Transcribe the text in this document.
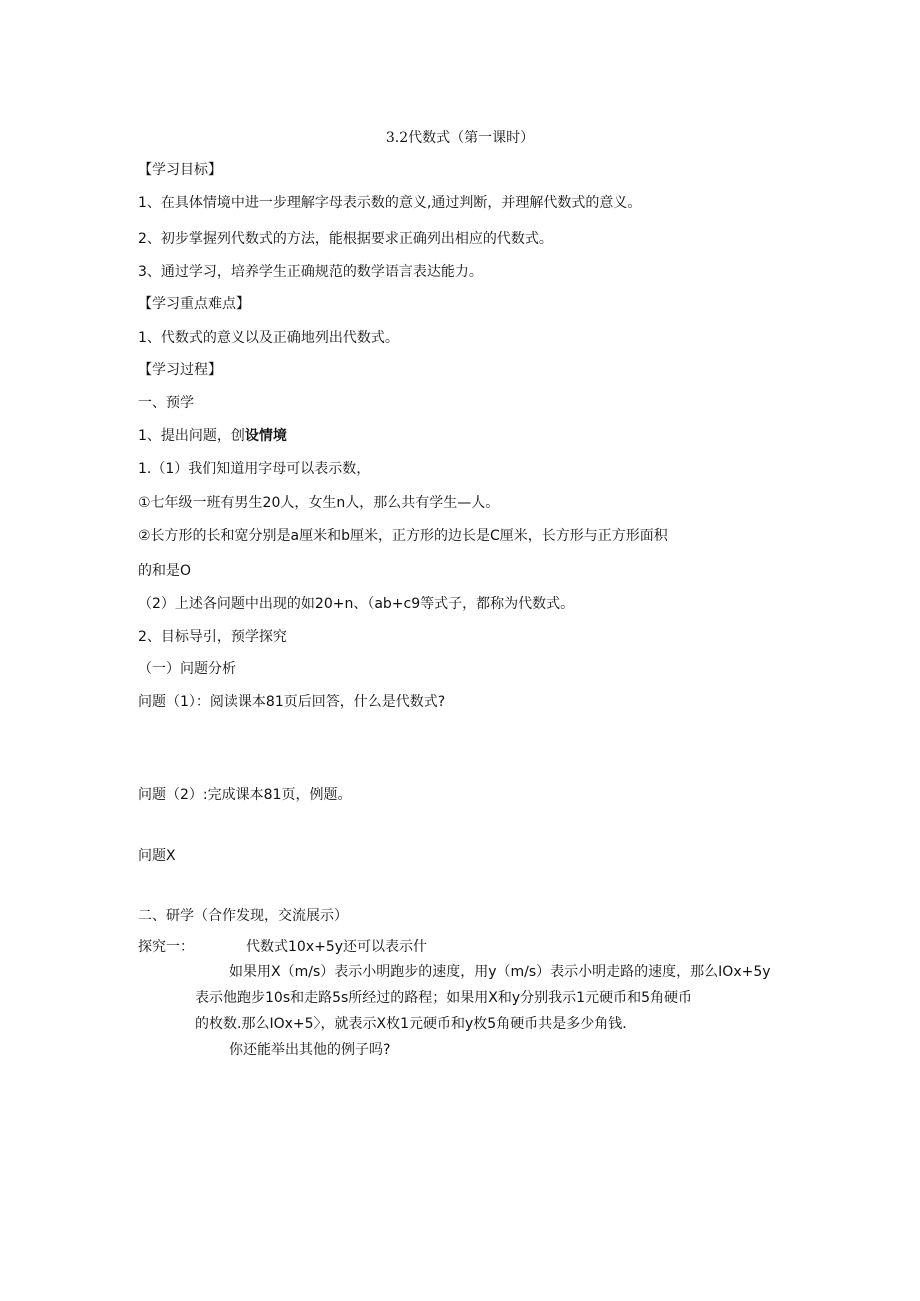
3.2代数式（第一课时）
【学习目标】
1、在具体情境中进一步理解字母表示数的意义,通过判断，并理解代数式的意义。
2、初步掌握列代数式的方法，能根据要求正确列出相应的代数式。
3、通过学习，培养学生正确规范的数学语言表达能力。
【学习重点难点】
1、代数式的意义以及正确地列出代数式。
【学习过程】
一、预学
1、提出问题，创设情境
1.（1）我们知道用字母可以表示数，
①七年级一班有男生20人，女生n人，那么共有学生—人。
②长方形的长和宽分别是a厘米和b厘米，正方形的边长是C厘米，长方形与正方形面积
的和是O
（2）上述各问题中出现的如20+n、（ab+c9等式子，都称为代数式。
2、目标导引，预学探究
（一）问题分析
问题（1）：阅读课本81页后回答，什么是代数式?
问题（2）:完成课本81页，例题。
问题X
二、研学（合作发现，交流展示）
探究一：	代数式10x+5y还可以表示什
如果用X（m∕s）表示小明跑步的速度，用y（m∕s）表示小明走路的速度，那么IOx+5y
表示他跑步10s和走路5s所经过的路程；如果用X和y分别我示1元硬币和5角硬币
的枚数.那么IOx+5〉，就表示X枚1元硬币和y枚5角硬币共是多少角钱.
你还能举出其他的例子吗?
